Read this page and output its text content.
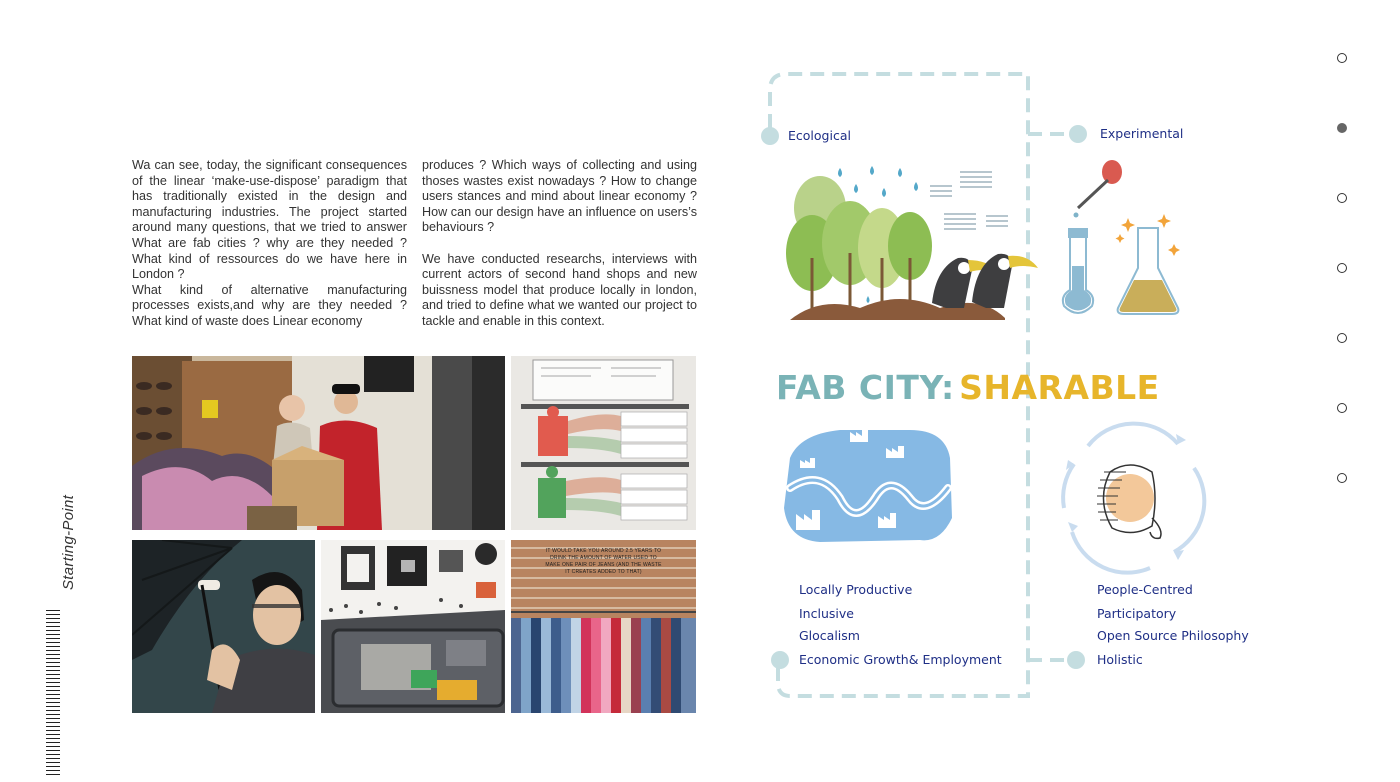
Starting-Point

Wa can see, today, the significant consequences of the linear ‘make-use-dispose’ paradigm that has traditionally existed in the design and manufacturing industries. The project started around many questions, that we tried to answer What are fab cities ? why are they needed ? What kind of ressources do we have here in London ?

What kind of alternative manufacturing processes exists,and why are they needed ? What kind of waste does Linear economy

produces ? Which ways of collecting and using thoses wastes exist nowadays ? How to change users stances and mind about linear economy ? How can our design have an influence on users’s behaviours ?

We have conducted researchs, interviews with current actors of second hand shops and new buissness model that produce locally in london, and tried to define what we wanted our project to tackle and enable in this context.

IT WOULD TAKE YOU AROUND 2.5 YEARS TO DRINK THE AMOUNT OF WATER USED TO MAKE ONE PAIR OF JEANS (AND THE WASTE IT CREATES ADDED TO THAT)
Ecological	Experimental
FAB CITY: SHARABLE
Locally Productive
Inclusive
Glocalism
Economic Growth& Employment
People-Centred
Participatory
Open Source Philosophy
Holistic
